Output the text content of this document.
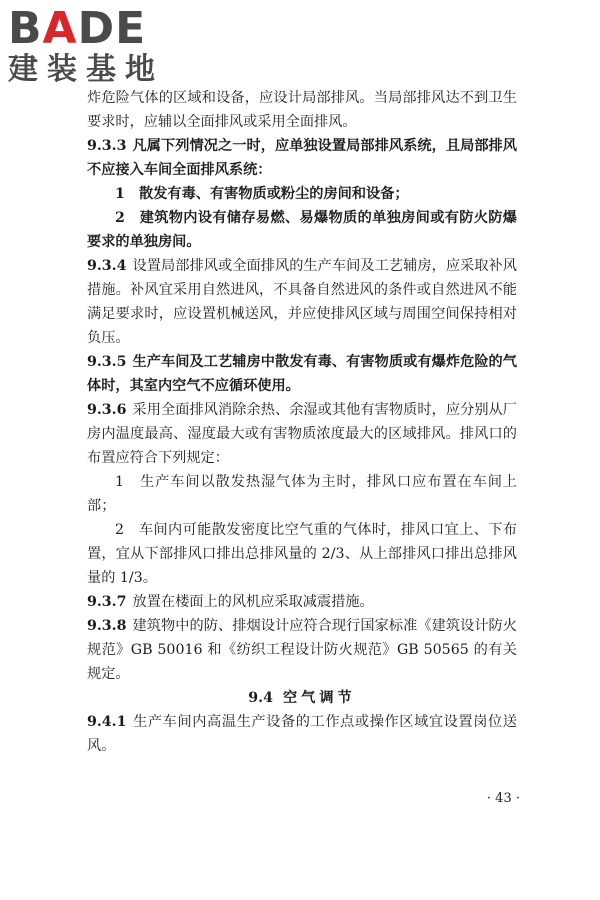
BADE
建装基地

炸危险气体的区域和设备，应设计局部排风。当局部排风达不到卫生要求时，应辅以全面排风或采用全面排风。

9.3.3 凡属下列情况之一时，应单独设置局部排风系统，且局部排风不应接入车间全面排风系统：

1　散发有毒、有害物质或粉尘的房间和设备；

2　建筑物内设有储存易燃、易爆物质的单独房间或有防火防爆要求的单独房间。

9.3.4 设置局部排风或全面排风的生产车间及工艺辅房，应采取补风措施。补风宜采用自然进风，不具备自然进风的条件或自然进风不能满足要求时，应设置机械送风，并应使排风区域与周围空间保持相对负压。

9.3.5 生产车间及工艺辅房中散发有毒、有害物质或有爆炸危险的气体时，其室内空气不应循环使用。

9.3.6 采用全面排风消除余热、余湿或其他有害物质时，应分别从厂房内温度最高、湿度最大或有害物质浓度最大的区域排风。排风口的布置应符合下列规定：

1　生产车间以散发热湿气体为主时，排风口应布置在车间上部；

2　车间内可能散发密度比空气重的气体时，排风口宜上、下布置，宜从下部排风口排出总排风量的 2/3、从上部排风口排出总排风量的 1/3。

9.3.7 放置在楼面上的风机应采取减震措施。

9.3.8 建筑物中的防、排烟设计应符合现行国家标准《建筑设计防火规范》GB 50016 和《纺织工程设计防火规范》GB 50565 的有关规定。

9.4 空气调节

9.4.1 生产车间内高温生产设备的工作点或操作区域宜设置岗位送风。

· 43 ·
